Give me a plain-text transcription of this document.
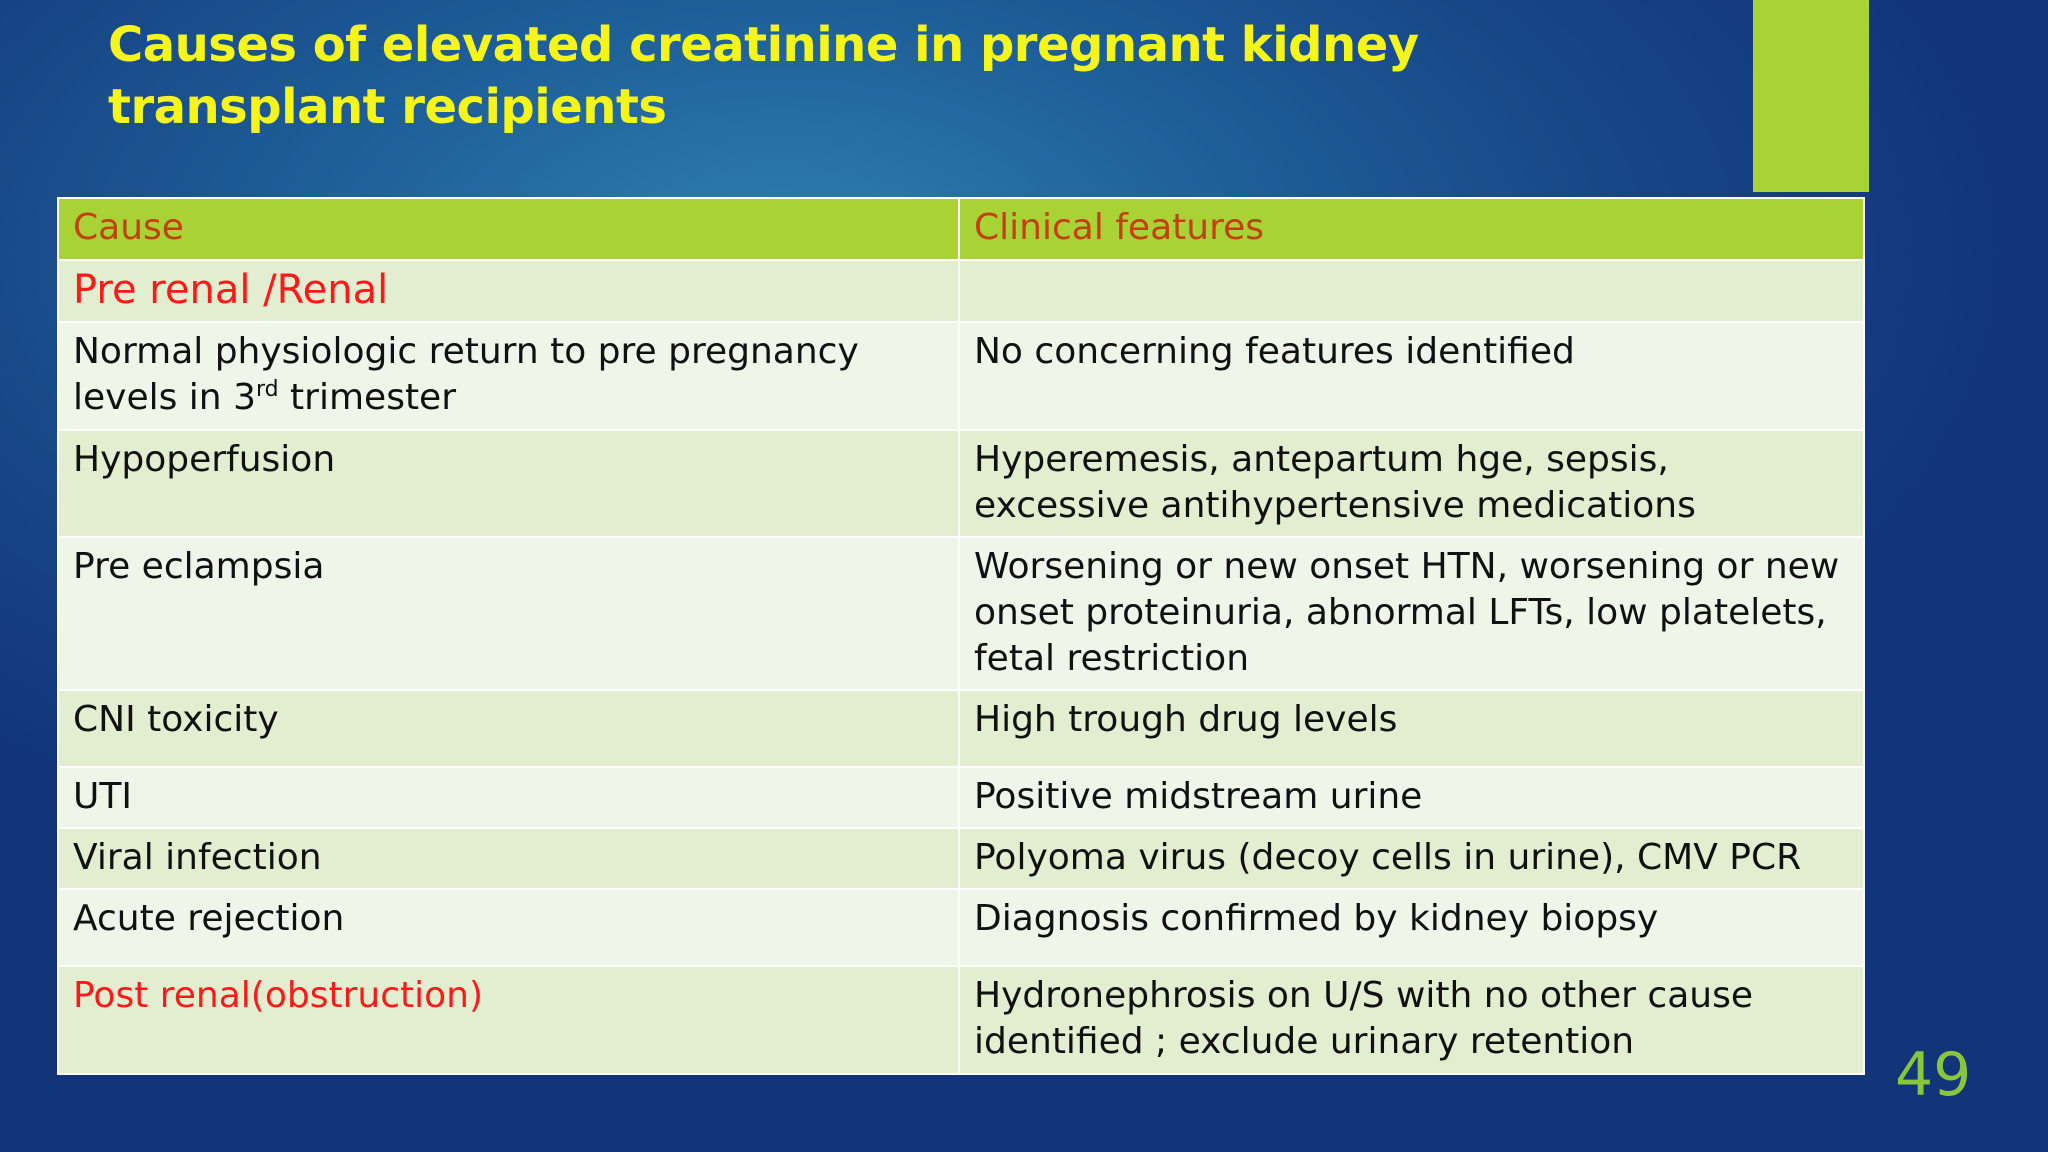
Causes of elevated creatinine in pregnant kidney transplant recipients
Cause	Clinical features
Pre renal /Renal	
Normal physiologic return to pre pregnancy levels in 3rd trimester	No concerning features identified
Hypoperfusion	Hyperemesis, antepartum hge, sepsis, excessive antihypertensive medications
Pre eclampsia	Worsening or new onset HTN, worsening or new onset proteinuria, abnormal LFTs, low platelets, fetal restriction
CNI toxicity	High trough drug levels
UTI	Positive midstream urine
Viral infection	Polyoma virus (decoy cells in urine), CMV PCR
Acute rejection	Diagnosis confirmed by kidney biopsy
Post renal(obstruction)	Hydronephrosis on U/S with no other cause identified ; exclude urinary retention	49
